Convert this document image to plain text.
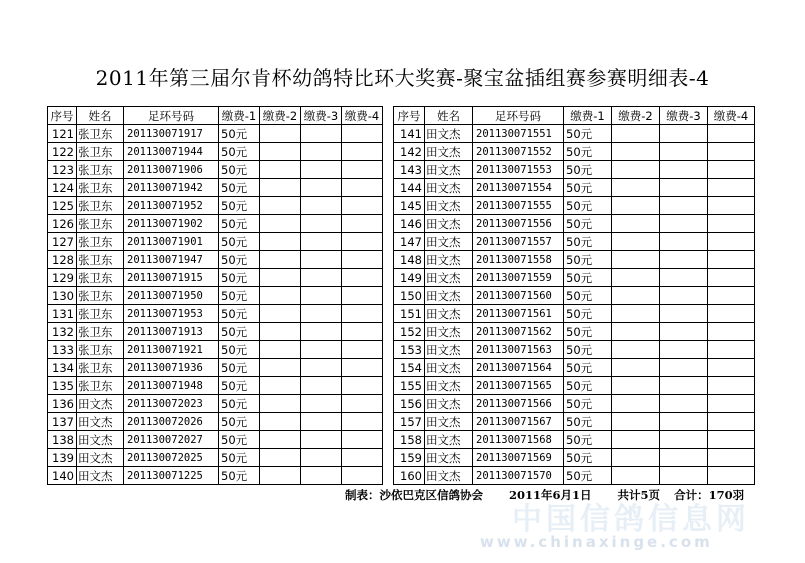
2011年第三届尔肯杯幼鸽特比环大奖赛-聚宝盆插组赛参赛明细表-4
序号	姓名	足环号码	缴费-1	缴费-2	缴费-3	缴费-4
121	张卫东	201130071917	50元			
122	张卫东	201130071944	50元			
123	张卫东	201130071906	50元			
124	张卫东	201130071942	50元			
125	张卫东	201130071952	50元			
126	张卫东	201130071902	50元			
127	张卫东	201130071901	50元			
128	张卫东	201130071947	50元			
129	张卫东	201130071915	50元			
130	张卫东	201130071950	50元			
131	张卫东	201130071953	50元			
132	张卫东	201130071913	50元			
133	张卫东	201130071921	50元			
134	张卫东	201130071936	50元			
135	张卫东	201130071948	50元			
136	田文杰	201130072023	50元			
137	田文杰	201130072026	50元			
138	田文杰	201130072027	50元			
139	田文杰	201130072025	50元			
140	田文杰	201130071225	50元			
序号	姓名	足环号码	缴费-1	缴费-2	缴费-3	缴费-4
141	田文杰	201130071551	50元			
142	田文杰	201130071552	50元			
143	田文杰	201130071553	50元			
144	田文杰	201130071554	50元			
145	田文杰	201130071555	50元			
146	田文杰	201130071556	50元			
147	田文杰	201130071557	50元			
148	田文杰	201130071558	50元			
149	田文杰	201130071559	50元			
150	田文杰	201130071560	50元			
151	田文杰	201130071561	50元			
152	田文杰	201130071562	50元			
153	田文杰	201130071563	50元			
154	田文杰	201130071564	50元			
155	田文杰	201130071565	50元			
156	田文杰	201130071566	50元			
157	田文杰	201130071567	50元			
158	田文杰	201130071568	50元			
159	田文杰	201130071569	50元			
160	田文杰	201130071570	50元			
制表：沙依巴克区信鸽协会 2011年6月1日 共计5页 合计：170羽
中国信鸽信息网
www.chinaxinge.com
